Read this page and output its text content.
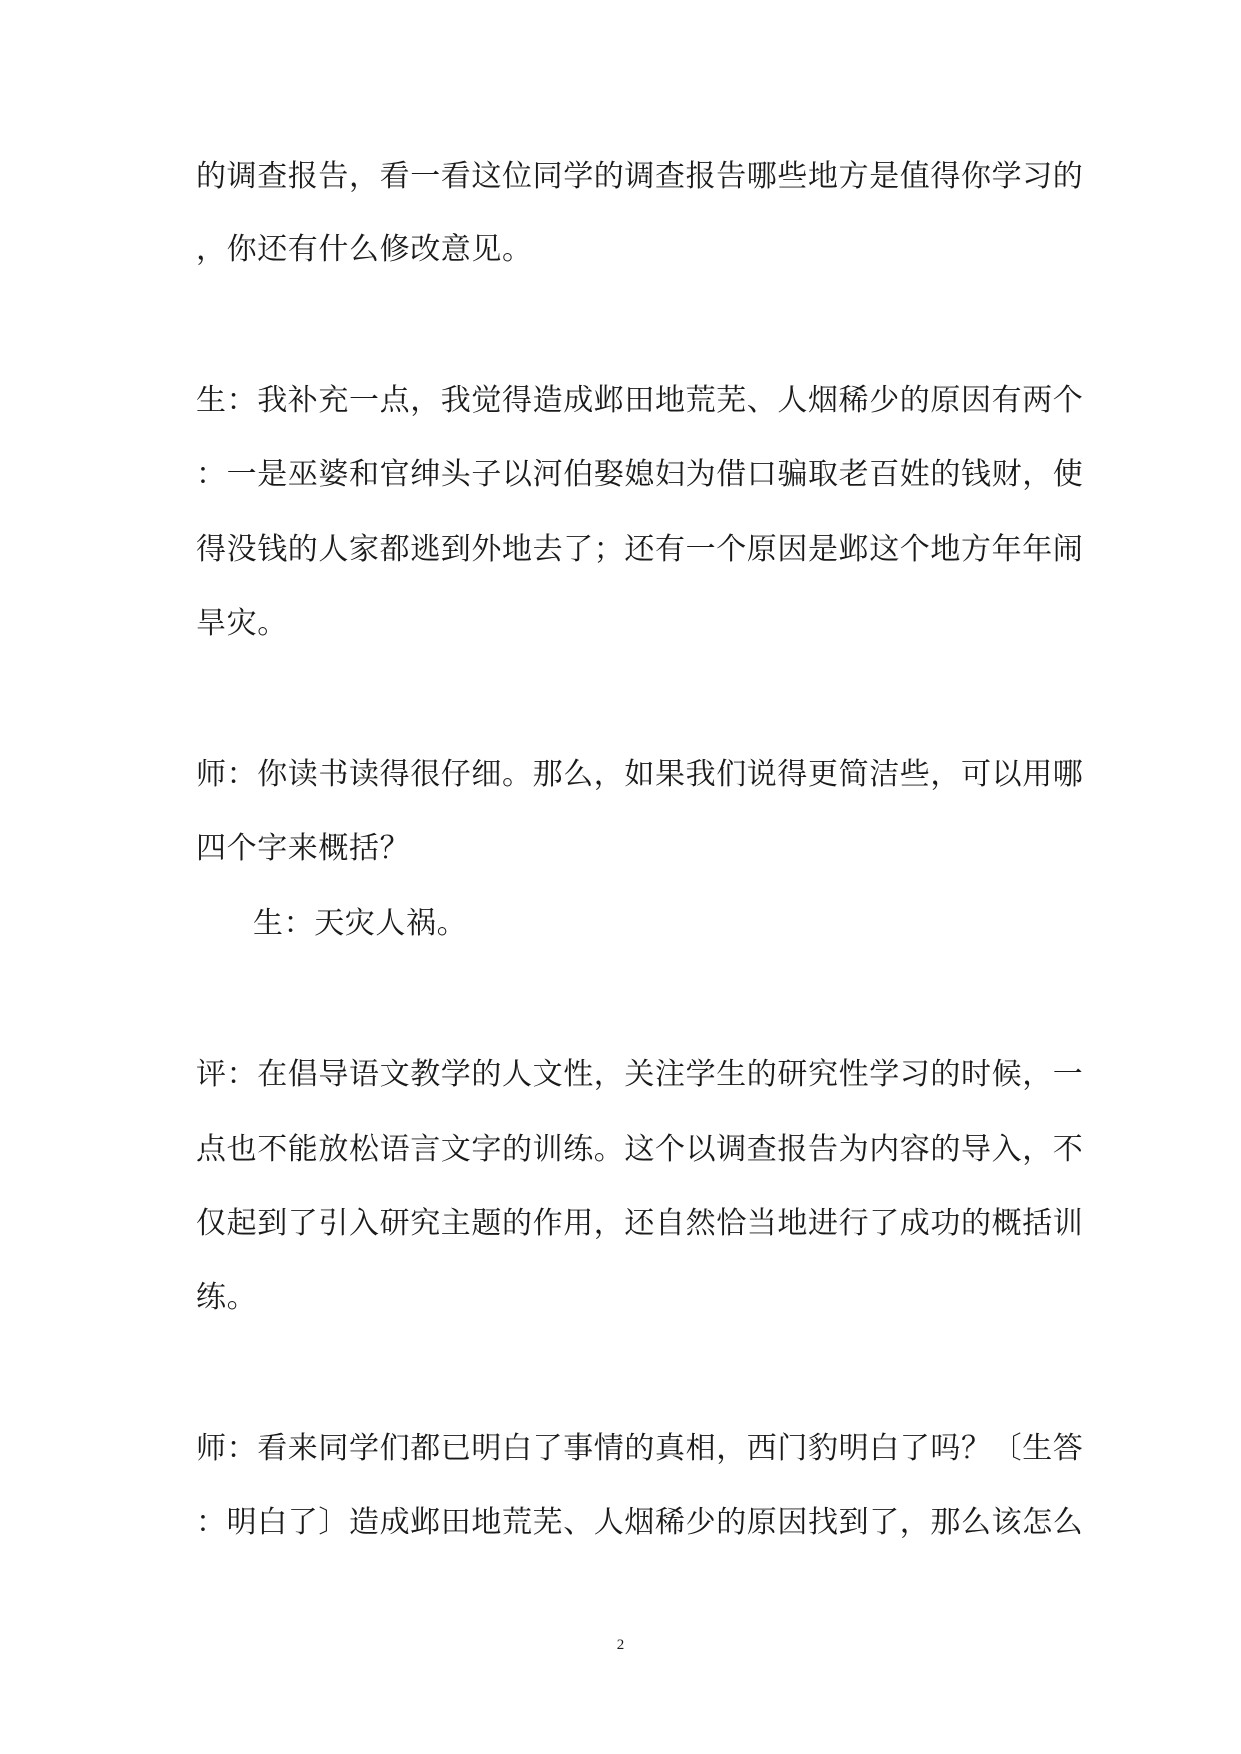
的调查报告，看一看这位同学的调查报告哪些地方是值得你学习的
，你还有什么修改意见。
生：我补充一点，我觉得造成邺田地荒芜、人烟稀少的原因有两个
：一是巫婆和官绅头子以河伯娶媳妇为借口骗取老百姓的钱财，使
得没钱的人家都逃到外地去了；还有一个原因是邺这个地方年年闹
旱灾。
师：你读书读得很仔细。那么，如果我们说得更简洁些，可以用哪
四个字来概括？
生：天灾人祸。
评：在倡导语文教学的人文性，关注学生的研究性学习的时候，一
点也不能放松语言文字的训练。这个以调查报告为内容的导入，不
仅起到了引入研究主题的作用，还自然恰当地进行了成功的概括训
练。
师：看来同学们都已明白了事情的真相，西门豹明白了吗？〔生答
：明白了〕造成邺田地荒芜、人烟稀少的原因找到了，那么该怎么
2
